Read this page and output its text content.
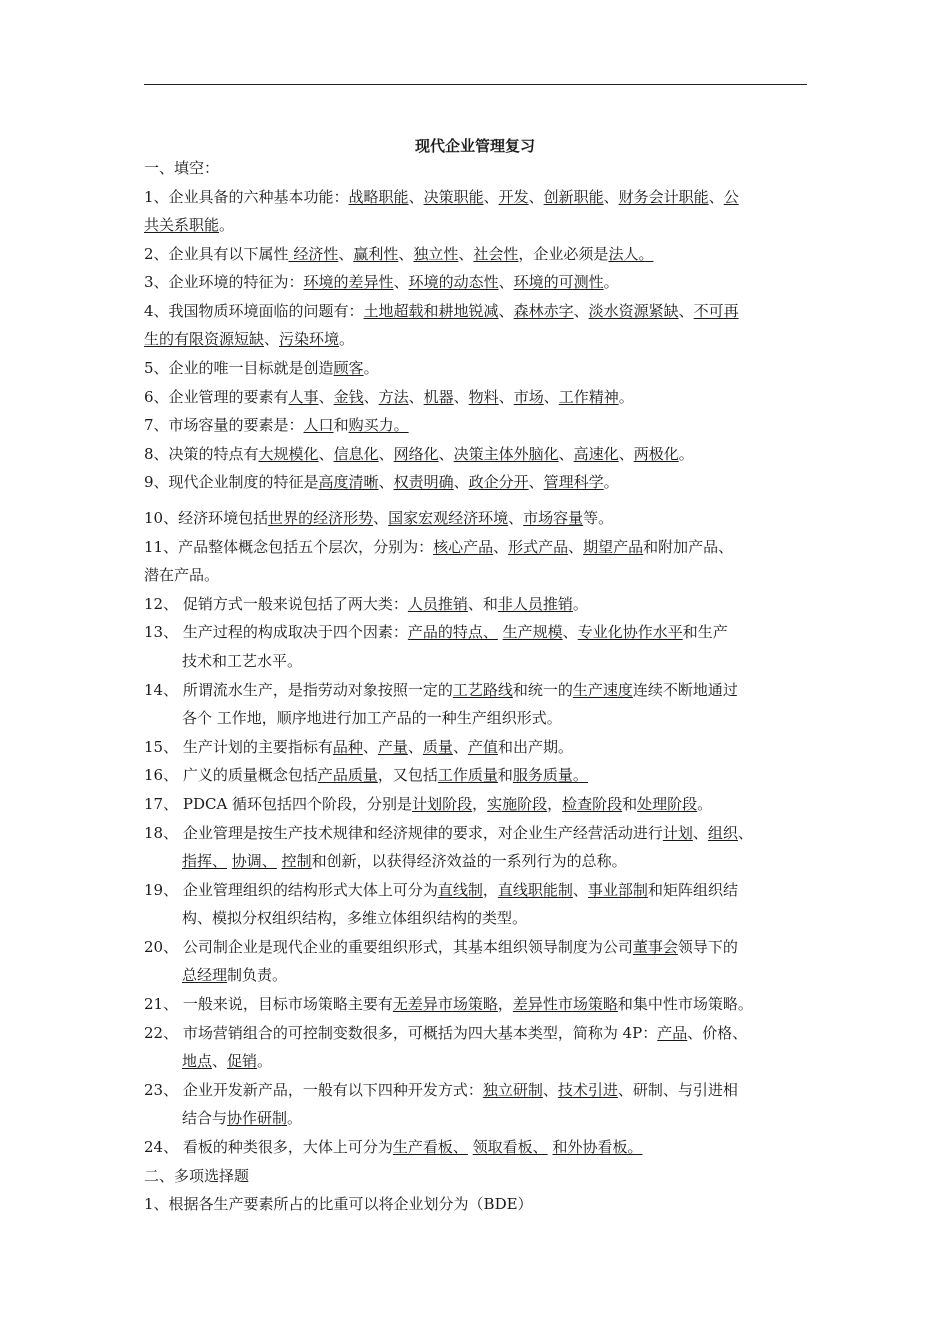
现代企业管理复习
一、填空：
1、企业具备的六种基本功能：战略职能、决策职能、开发、创新职能、财务会计职能、公
共关系职能。
2、企业具有以下属性 经济性、赢利性、独立性、社会性，企业必须是法人。
3、企业环境的特征为：环境的差异性、环境的动态性、环境的可测性。
4、我国物质环境面临的问题有：土地超载和耕地锐减、森林赤字、淡水资源紧缺、不可再
生的有限资源短缺、污染环境。
5、企业的唯一目标就是创造顾客。
6、企业管理的要素有人事、金钱、方法、机器、物料、市场、工作精神。
7、市场容量的要素是：人口和购买力。
8、决策的特点有大规模化、信息化、网络化、决策主体外脑化、高速化、两极化。
9、现代企业制度的特征是高度清晰、权责明确、政企分开、管理科学。
10、经济环境包括世界的经济形势、国家宏观经济环境、市场容量等。
11、产品整体概念包括五个层次，分别为：核心产品、形式产品、期望产品和附加产品、
潜在产品。
12、 促销方式一般来说包括了两大类：人员推销、和非人员推销。
13、 生产过程的构成取决于四个因素：产品的特点、 生产规模、专业化协作水平和生产
技术和工艺水平。
14、 所谓流水生产，是指劳动对象按照一定的工艺路线和统一的生产速度连续不断地通过
各个 工作地，顺序地进行加工产品的一种生产组织形式。
15、 生产计划的主要指标有品种、产量、质量、产值和出产期。
16、 广义的质量概念包括产品质量，又包括工作质量和服务质量。
17、 PDCA 循环包括四个阶段，分别是计划阶段，实施阶段，检查阶段和处理阶段。
18、 企业管理是按生产技术规律和经济规律的要求，对企业生产经营活动进行计划、组织、
指挥、 协调、 控制和创新，以获得经济效益的一系列行为的总称。
19、 企业管理组织的结构形式大体上可分为直线制，直线职能制、事业部制和矩阵组织结
构、模拟分权组织结构，多维立体组织结构的类型。
20、 公司制企业是现代企业的重要组织形式，其基本组织领导制度为公司董事会领导下的
总经理制负责。
21、 一般来说，目标市场策略主要有无差异市场策略，差异性市场策略和集中性市场策略。
22、 市场营销组合的可控制变数很多，可概括为四大基本类型，简称为 4P：产品、价格、
地点、促销。
23、 企业开发新产品，一般有以下四种开发方式：独立研制、技术引进、研制、与引进相
结合与协作研制。
24、 看板的种类很多，大体上可分为生产看板、 领取看板、 和外协看板。
二、多项选择题
1、根据各生产要素所占的比重可以将企业划分为（BDE）
